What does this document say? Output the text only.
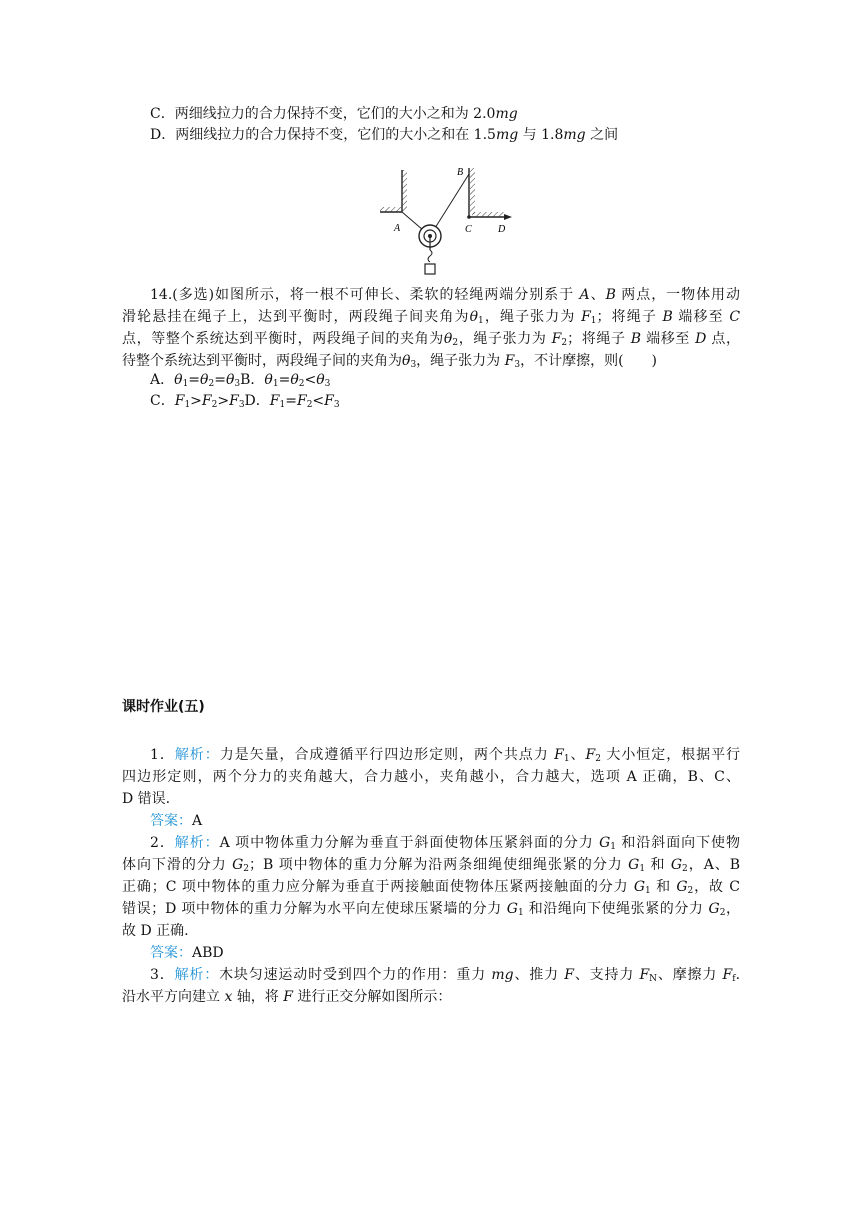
C．两细线拉力的合力保持不变，它们的大小之和为 2.0mg
D．两细线拉力的合力保持不变，它们的大小之和在 1.5mg 与 1.8mg 之间
A
B
C	D
14.(多选)如图所示，将一根不可伸长、柔软的轻绳两端分别系于 A、B 两点，一物体用动
滑轮悬挂在绳子上，达到平衡时，两段绳子间夹角为$\theta_1$，绳子张力为 $F_1$；将绳子 B 端移至 C
点，等整个系统达到平衡时，两段绳子间的夹角为$\theta_2$，绳子张力为 $F_2$；将绳子 B 端移至 D 点，
待整个系统达到平衡时，两段绳子间的夹角为$\theta_3$，绳子张力为 $F_3$，不计摩擦，则(　　)
A．$\theta_1=\theta_2=\theta_3B$．$\theta_1=\theta_2<\theta_3$
C．$F_1>F_2>F_3D$．$F_1=F_2<F_3$
课时作业(五)
1．解析：力是矢量，合成遵循平行四边形定则，两个共点力 $F_1$、$F_2$ 大小恒定，根据平行
四边形定则，两个分力的夹角越大，合力越小，夹角越小，合力越大，选项 A 正确，B、C、
D 错误.
答案：A
2．解析：A 项中物体重力分解为垂直于斜面使物体压紧斜面的分力 $G_1$ 和沿斜面向下使物
体向下滑的分力 $G_2$；B 项中物体的重力分解为沿两条细绳使细绳张紧的分力 $G_1$ 和 $G_2$，A、B
正确；C 项中物体的重力应分解为垂直于两接触面使物体压紧两接触面的分力 $G_1$ 和 $G_2$，故 C
错误；D 项中物体的重力分解为水平向左使球压紧墙的分力 $G_1$ 和沿绳向下使绳张紧的分力 $G_2$，
故 D 正确.
答案：ABD
3．解析：木块匀速运动时受到四个力的作用：重力 mg、推力 F、支持力 $F_N$、摩擦力 $F_f$.
沿水平方向建立 x 轴，将 F 进行正交分解如图所示：
